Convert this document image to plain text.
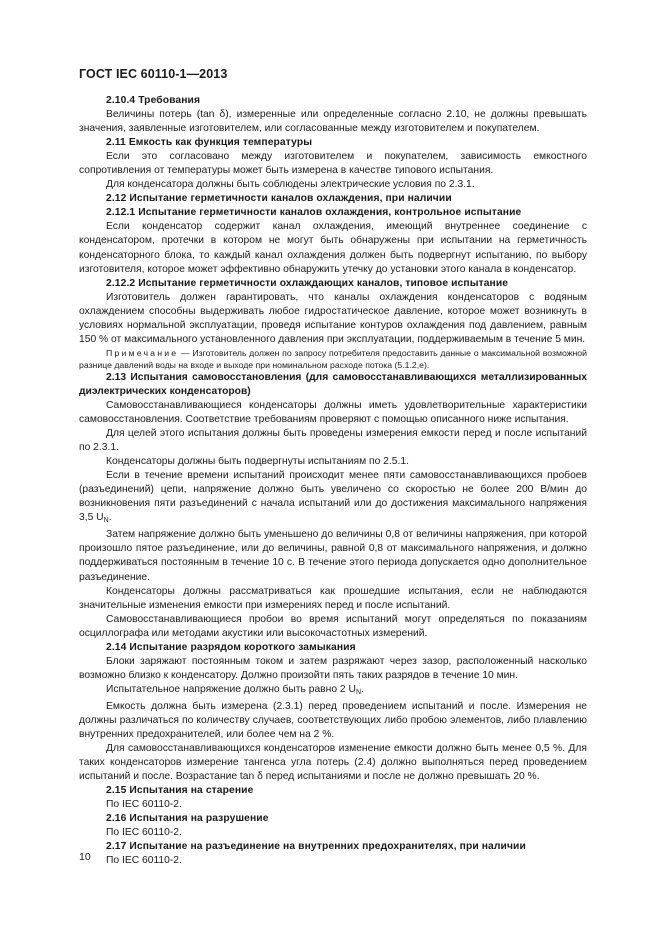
ГОСТ IEC 60110-1—2013
2.10.4 Требования
Величины потерь (tan δ), измеренные или определенные согласно 2.10, не должны превышать значения, заявленные изготовителем, или согласованные между изготовителем и покупателем.
2.11 Емкость как функция температуры
Если это согласовано между изготовителем и покупателем, зависимость емкостного сопротивления от температуры может быть измерена в качестве типового испытания.
Для конденсатора должны быть соблюдены электрические условия по 2.3.1.
2.12 Испытание герметичности каналов охлаждения, при наличии
2.12.1 Испытание герметичности каналов охлаждения, контрольное испытание
Если конденсатор содержит канал охлаждения, имеющий внутреннее соединение с конденсатором, протечки в котором не могут быть обнаружены при испытании на герметичность конденсаторного блока, то каждый канал охлаждения должен быть подвергнут испытанию, по выбору изготовителя, которое может эффективно обнаружить утечку до установки этого канала в конденсатор.
2.12.2 Испытание герметичности охлаждающих каналов, типовое испытание
Изготовитель должен гарантировать, что каналы охлаждения конденсаторов с водяным охлаждением способны выдерживать любое гидростатическое давление, которое может возникнуть в условиях нормальной эксплуатации, проведя испытание контуров охлаждения под давлением, равным 150 % от максимального установленного давления при эксплуатации, поддерживаемым в течение 5 мин.
Примечание — Изготовитель должен по запросу потребителя предоставить данные о максимальной возможной разнице давлений воды на входе и выходе при номинальном расходе потока (5.1.2,е).
2.13 Испытания самовосстановления (для самовосстанавливающихся металлизированных диэлектрических конденсаторов)
Самовосстанавливающиеся конденсаторы должны иметь удовлетворительные характеристики самовосстановления. Соответствие требованиям проверяют с помощью описанного ниже испытания.
Для целей этого испытания должны быть проведены измерения емкости перед и после испытаний по 2.3.1.
Конденсаторы должны быть подвергнуты испытаниям по 2.5.1.
Если в течение времени испытаний происходит менее пяти самовосстанавливающихся пробоев (разъединений) цепи, напряжение должно быть увеличено со скоростью не более 200 В/мин до возникновения пяти разъединений с начала испытаний или до достижения максимального напряжения 3,5 $U_N$.
Затем напряжение должно быть уменьшено до величины 0,8 от величины напряжения, при которой произошло пятое разъединение, или до величины, равной 0,8 от максимального напряжения, и должно поддерживаться постоянным в течение 10 с. В течение этого периода допускается одно дополнительное разъединение.
Конденсаторы должны рассматриваться как прошедшие испытания, если не наблюдаются значительные изменения емкости при измерениях перед и после испытаний.
Самовосстанавливающиеся пробои во время испытаний могут определяться по показаниям осциллографа или методами акустики или высокочастотных измерений.
2.14 Испытание разрядом короткого замыкания
Блоки заряжают постоянным током и затем разряжают через зазор, расположенный насколько возможно близко к конденсатору. Должно произойти пять таких разрядов в течение 10 мин.
Испытательное напряжение должно быть равно 2 $U_N$.
Емкость должна быть измерена (2.3.1) перед проведением испытаний и после. Измерения не должны различаться по количеству случаев, соответствующих либо пробою элементов, либо плавлению внутренних предохранителей, или более чем на 2 %.
Для самовосстанавливающихся конденсаторов изменение емкости должно быть менее 0,5 %. Для таких конденсаторов измерение тангенса угла потерь (2.4) должно выполняться перед проведением испытаний и после. Возрастание tan δ перед испытаниями и после не должно превышать 20 %.
2.15 Испытания на старение
По IEC 60110-2.
2.16 Испытания на разрушение
По IEC 60110-2.
2.17 Испытание на разъединение на внутренних предохранителях, при наличии
По IEC 60110-2.
10
